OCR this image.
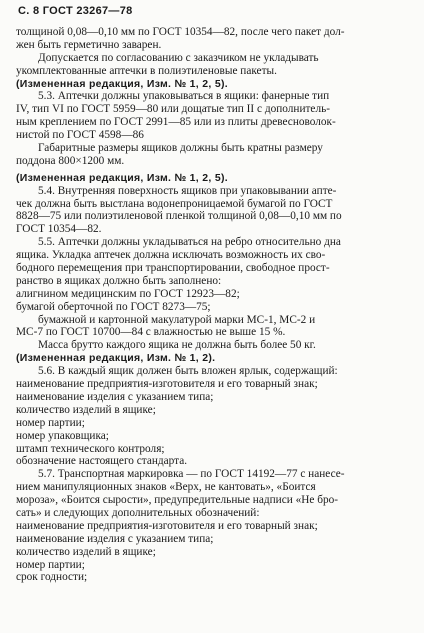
С. 8 ГОСТ 23267—78
толщиной 0,08—0,10 мм по ГОСТ 10354—82, после чего пакет дол-
жен быть герметично заварен.
Допускается по согласованию с заказчиком не укладывать
укомплектованные аптечки в полиэтиленовые пакеты.
(Измененная редакция, Изм. № 1, 2, 5).
5.3. Аптечки должны упаковываться в ящики: фанерные тип
IV, тип VI по ГОСТ 5959—80 или дощатые тип II с дополнитель-
ным креплением по ГОСТ 2991—85 или из плиты древесноволок-
нистой по ГОСТ 4598—86
Габаритные размеры ящиков должны быть кратны размеру
поддона 800×1200 мм.
(Измененная редакция, Изм. № 1, 2, 5).
5.4. Внутренняя поверхность ящиков при упаковывании апте-
чек должна быть выстлана водонепроницаемой бумагой по ГОСТ
8828—75 или полиэтиленовой пленкой толщиной 0,08—0,10 мм по
ГОСТ 10354—82.
5.5. Аптечки должны укладываться на ребро относительно дна
ящика. Укладка аптечек должна исключать возможность их сво-
бодного перемещения при транспортировании, свободное прост-
ранство в ящиках должно быть заполнено:
алигнином медицинским по ГОСТ 12923—82;
бумагой оберточной по ГОСТ 8273—75;
бумажной и картонной макулатурой марки МС-1, МС-2 и
МС-7 по ГОСТ 10700—84 с влажностью не выше 15 %.
Масса брутто каждого ящика не должна быть более 50 кг.
(Измененная редакция, Изм. № 1, 2).
5.6. В каждый ящик должен быть вложен ярлык, содержащий:
наименование предприятия-изготовителя и его товарный знак;
наименование изделия с указанием типа;
количество изделий в ящике;
номер партии;
номер упаковщика;
штамп технического контроля;
обозначение настоящего стандарта.
5.7. Транспортная маркировка — по ГОСТ 14192—77 с нанесе-
нием манипуляционных знаков «Верх, не кантовать», «Боится
мороза», «Боится сырости», предупредительные надписи «Не бро-
сать» и следующих дополнительных обозначений:
наименование предприятия-изготовителя и его товарный знак;
наименование изделия с указанием типа;
количество изделий в ящике;
номер партии;
срок годности;
